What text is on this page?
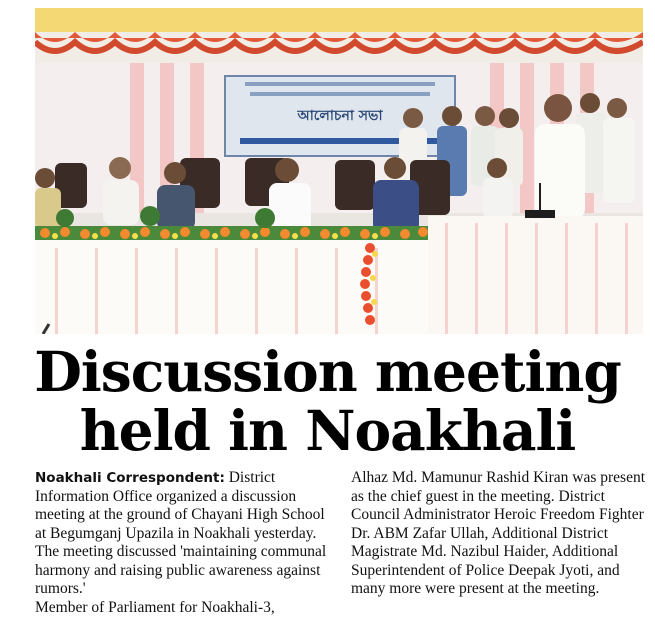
আলোচনা সভা
Discussion meeting
held in Noakhali

Noakhali Correspondent: District Information Office organized a discussion meeting at the ground of Chayani High School at Begumganj Upazila in Noakhali yesterday.

The meeting discussed 'maintaining communal harmony and raising public awareness against rumors.'

Member of Parliament for Noakhali-3,

Alhaz Md. Mamunur Rashid Kiran was present as the chief guest in the meeting. District Council Administrator Heroic Freedom Fighter Dr. ABM Zafar Ullah, Additional District Magistrate Md. Nazibul Haider, Additional Superintendent of Police Deepak Jyoti, and many more were present at the meeting.
